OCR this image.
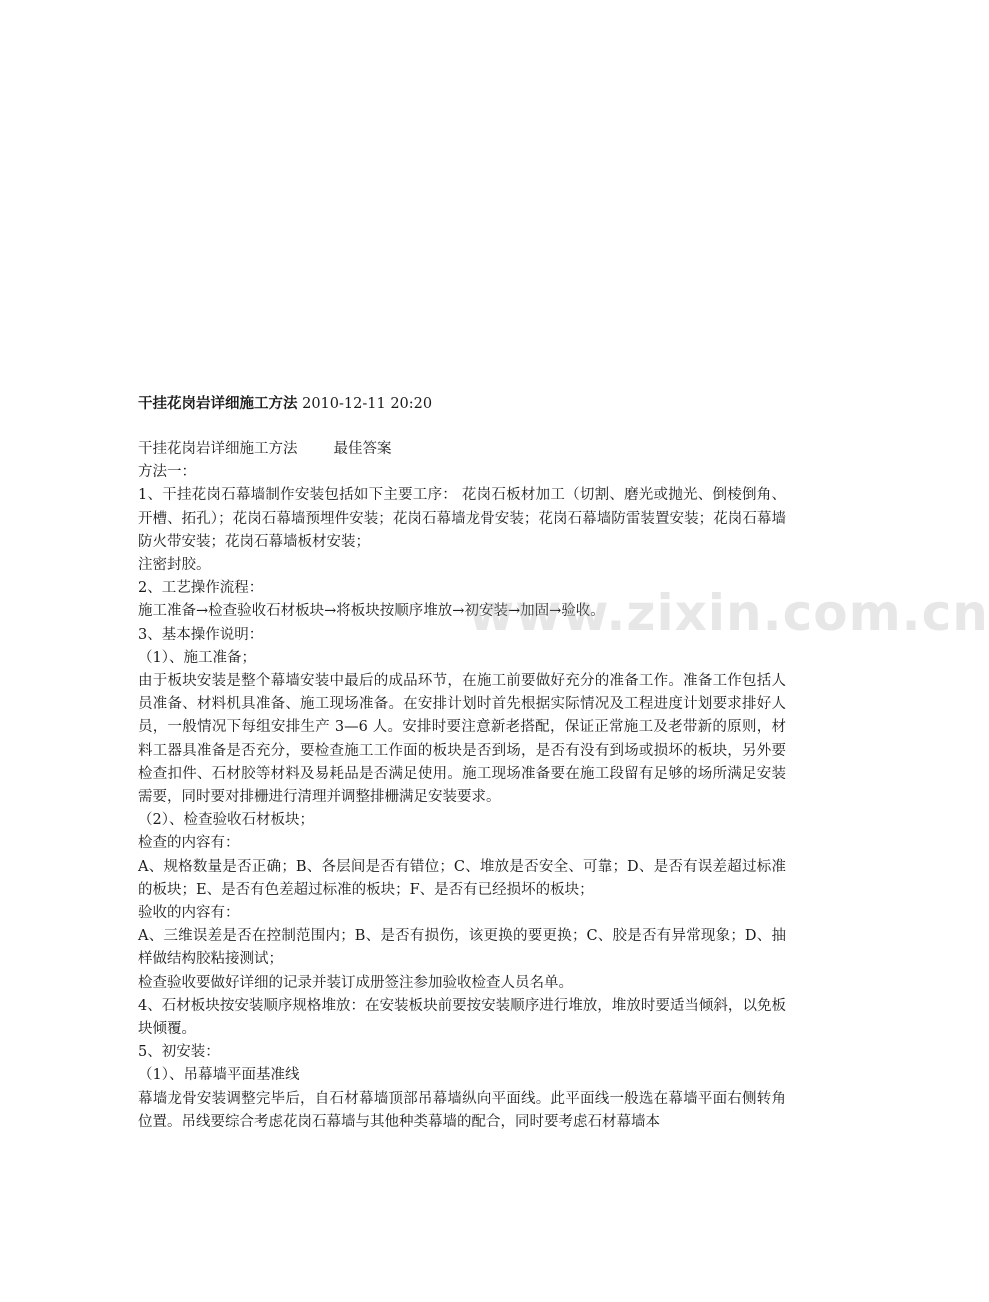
干挂花岗岩详细施工方法 2010-12-11 20:20
干挂花岗岩详细施工方法 最佳答案

方法一：

1、干挂花岗石幕墙制作安装包括如下主要工序： 花岗石板材加工（切割、磨光或抛光、倒棱倒角、开槽、拓孔）；花岗石幕墙预埋件安装；花岗石幕墙龙骨安装；花岗石幕墙防雷装置安装；花岗石幕墙防火带安装；花岗石幕墙板材安装；

注密封胶。

2、工艺操作流程：

施工准备→检查验收石材板块→将板块按顺序堆放→初安装→加固→验收。

3、基本操作说明：

（1）、施工准备；

由于板块安装是整个幕墙安装中最后的成品环节，在施工前要做好充分的准备工作。准备工作包括人员准备、材料机具准备、施工现场准备。在安排计划时首先根据实际情况及工程进度计划要求排好人员，一般情况下每组安排生产 3—6 人。安排时要注意新老搭配，保证正常施工及老带新的原则，材料工器具准备是否充分，要检查施工工作面的板块是否到场，是否有没有到场或损坏的板块，另外要检查扣件、石材胶等材料及易耗品是否满足使用。施工现场准备要在施工段留有足够的场所满足安装需要，同时要对排栅进行清理并调整排栅满足安装要求。

（2）、检查验收石材板块；

检查的内容有：

A、规格数量是否正确；B、各层间是否有错位；C、堆放是否安全、可靠；D、是否有误差超过标准的板块；E、是否有色差超过标准的板块；F、是否有已经损坏的板块；

验收的内容有：

A、三维误差是否在控制范围内；B、是否有损伤，该更换的要更换；C、胶是否有异常现象；D、抽样做结构胶粘接测试；

检查验收要做好详细的记录并装订成册签注参加验收检查人员名单。

4、石材板块按安装顺序规格堆放：在安装板块前要按安装顺序进行堆放，堆放时要适当倾斜，以免板块倾覆。

5、初安装：

（1）、吊幕墙平面基准线

幕墙龙骨安装调整完毕后，自石材幕墙顶部吊幕墙纵向平面线。此平面线一般选在幕墙平面右侧转角位置。吊线要综合考虑花岗石幕墙与其他种类幕墙的配合，同时要考虑石材幕墙本

www.zixin.com.cn
